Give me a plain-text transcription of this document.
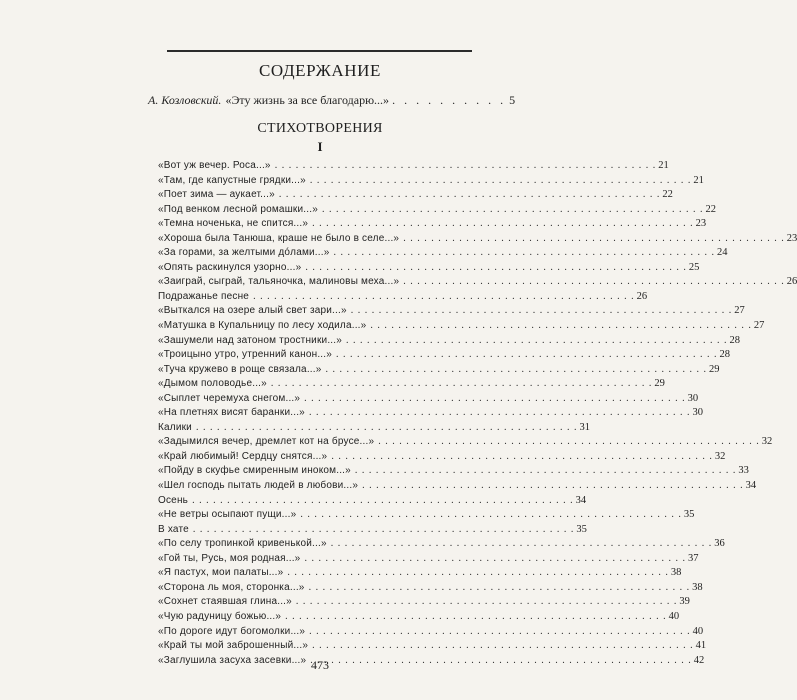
СОДЕРЖАНИЕ
А. Козловский. «Эту жизнь за все благодарю...» . . . . . . . . . . 5
СТИХОТВОРЕНИЯ
I
«Вот уж вечер. Роса...» . . .	21
«Там, где капустные грядки...» . . .	21
«Поет зима — аукает...» . . .	22
«Под венком лесной ромашки...» . . .	22
«Темна ноченька, не спится...» . . .	23
«Хороша была Танюша, краше не было в селе...» . . .	23
«За горами, за желтыми дóлами...» . . .	24
«Опять раскинулся узорно...» . . .	25
«Заиграй, сыграй, тальяночка, малиновы меха...» . . .	26
Подражанье песне . . .	26
«Выткался на озере алый свет зари...» . . .	27
«Матушка в Купальницу по лесу ходила...» . . .	27
«Зашумели над затоном тростники...» . . .	28
«Троицыно утро, утренний канон...» . . .	28
«Туча кружево в роще связала...» . . .	29
«Дымом половодье...» . . .	29
«Сыплет черемуха снегом...» . . .	30
«На плетнях висят баранки...» . . .	30
Калики . . .	31
«Задымился вечер, дремлет кот на брусе...» . . .	32
«Край любимый! Сердцу снятся...» . . .	32
«Пойду в скуфье смиренным иноком...» . . .	33
«Шел господь пытать людей в любови...» . . .	34
Осень . . .	34
«Не ветры осыпают пущи...» . . .	35
В хате . . .	35
«По селу тропинкой кривенькой...» . . .	36
«Гой ты, Русь, моя родная...» . . .	37
«Я пастух, мои палаты...» . . .	38
«Сторона ль моя, сторонка...» . . .	38
«Сохнет стаявшая глина...» . . .	39
«Чую радуницу божью...» . . .	40
«По дороге идут богомолки...» . . .	40
«Край ты мой заброшенный...» . . .	41
«Заглушила засуха засевки...» . . .	42
473
